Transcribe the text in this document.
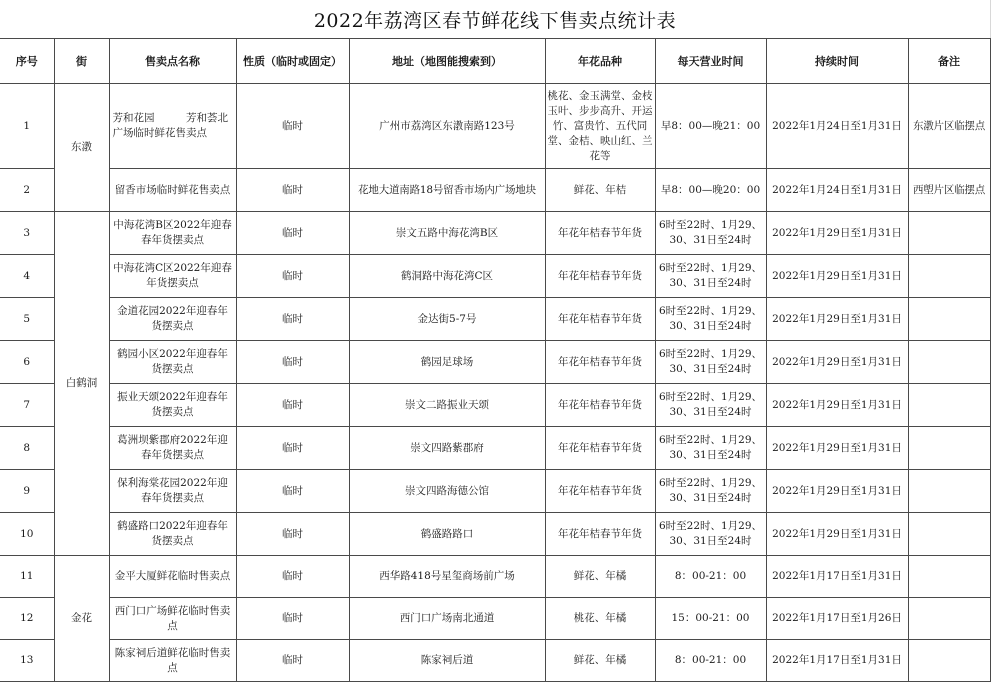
2022年荔湾区春节鲜花线下售卖点统计表
序号	街	售卖点名称	性质（临时或固定）	地址（地图能搜索到）	年花品种	每天营业时间	持续时间	备注
1	东漖	芳和花园　　　芳和荟北广场临时鲜花售卖点	临时	广州市荔湾区东漖南路123号	桃花、金玉满堂、金枝玉叶、步步高升、开运竹、富贵竹、五代同堂、金桔、映山红、兰花等	早8：00—晚21：00	2022年1月24日至1月31日	东漖片区临摆点
2		留香市场临时鲜花售卖点	临时	花地大道南路18号留香市场内广场地块	鲜花、年桔	早8：00—晚20：00	2022年1月24日至1月31日	西塱片区临摆点
3	白鹤洞	中海花湾B区2022年迎春春年货摆卖点	临时	崇文五路中海花湾B区	年花年桔春节年货	6时至22时、1月29、30、31日至24时	2022年1月29日至1月31日	
4		中海花湾C区2022年迎春年货摆卖点	临时	鹤洞路中海花湾C区	年花年桔春节年货	6时至22时、1月29、30、31日至24时	2022年1月29日至1月31日	
5		金道花园2022年迎春年货摆卖点	临时	金达街5-7号	年花年桔春节年货	6时至22时、1月29、30、31日至24时	2022年1月29日至1月31日	
6		鹤园小区2022年迎春年货摆卖点	临时	鹤园足球场	年花年桔春节年货	6时至22时、1月29、30、31日至24时	2022年1月29日至1月31日	
7		振业天颂2022年迎春年货摆卖点	临时	崇文二路振业天颂	年花年桔春节年货	6时至22时、1月29、30、31日至24时	2022年1月29日至1月31日	
8		葛洲坝紫郡府2022年迎春年货摆卖点	临时	崇文四路紫郡府	年花年桔春节年货	6时至22时、1月29、30、31日至24时	2022年1月29日至1月31日	
9		保利海棠花园2022年迎春年货摆卖点	临时	崇文四路海德公馆	年花年桔春节年货	6时至22时、1月29、30、31日至24时	2022年1月29日至1月31日	
10		鹤盛路口2022年迎春年货摆卖点	临时	鹤盛路路口	年花年桔春节年货	6时至22时、1月29、30、31日至24时	2022年1月29日至1月31日	
11	金花	金平大厦鲜花临时售卖点	临时	西华路418号星玺商场前广场	鲜花、年橘	8：00-21：00	2022年1月17日至1月31日	
12		西门口广场鲜花临时售卖点	临时	西门口广场南北通道	桃花、年橘	15：00-21：00	2022年1月17日至1月26日	
13		陈家祠后道鲜花临时售卖点	临时	陈家祠后道	鲜花、年橘	8：00-21：00	2022年1月17日至1月31日	
